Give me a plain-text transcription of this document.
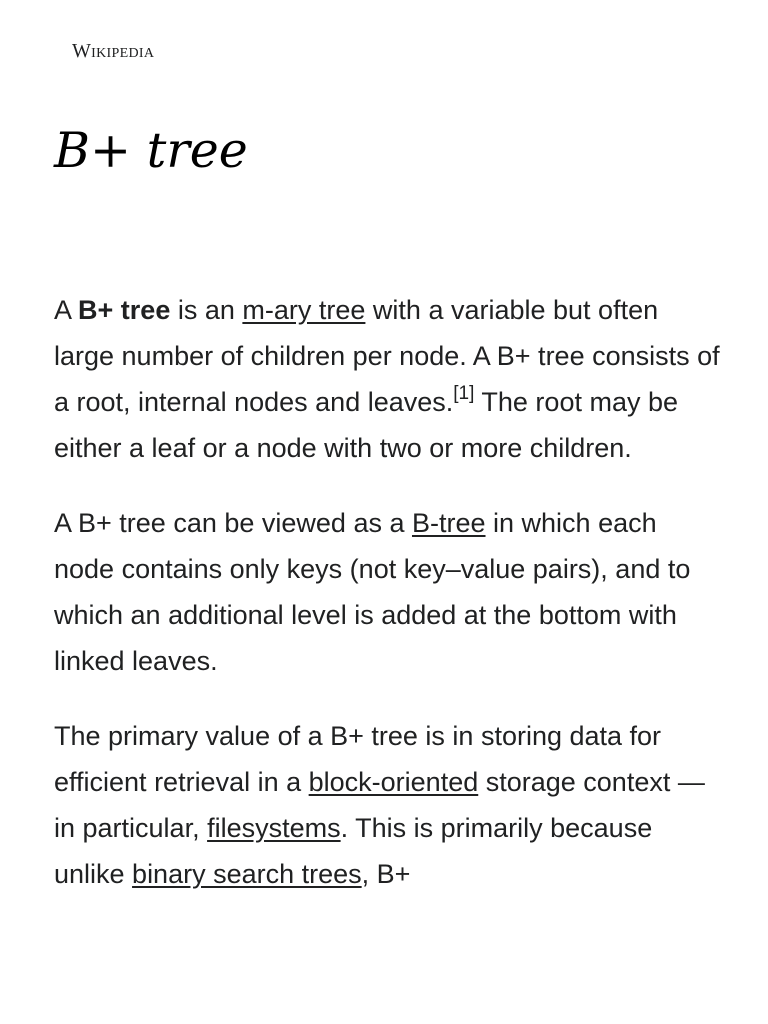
Wikipedia
B+ tree

A B+ tree is an m-ary tree with a variable but often large number of children per node. A B+ tree consists of a root, internal nodes and leaves.[1] The root may be either a leaf or a node with two or more children.

A B+ tree can be viewed as a B-tree in which each node contains only keys (not key–value pairs), and to which an additional level is added at the bottom with linked leaves.

The primary value of a B+ tree is in storing data for efficient retrieval in a block-oriented storage context — in particular, filesystems. This is primarily because unlike binary search trees, B+
